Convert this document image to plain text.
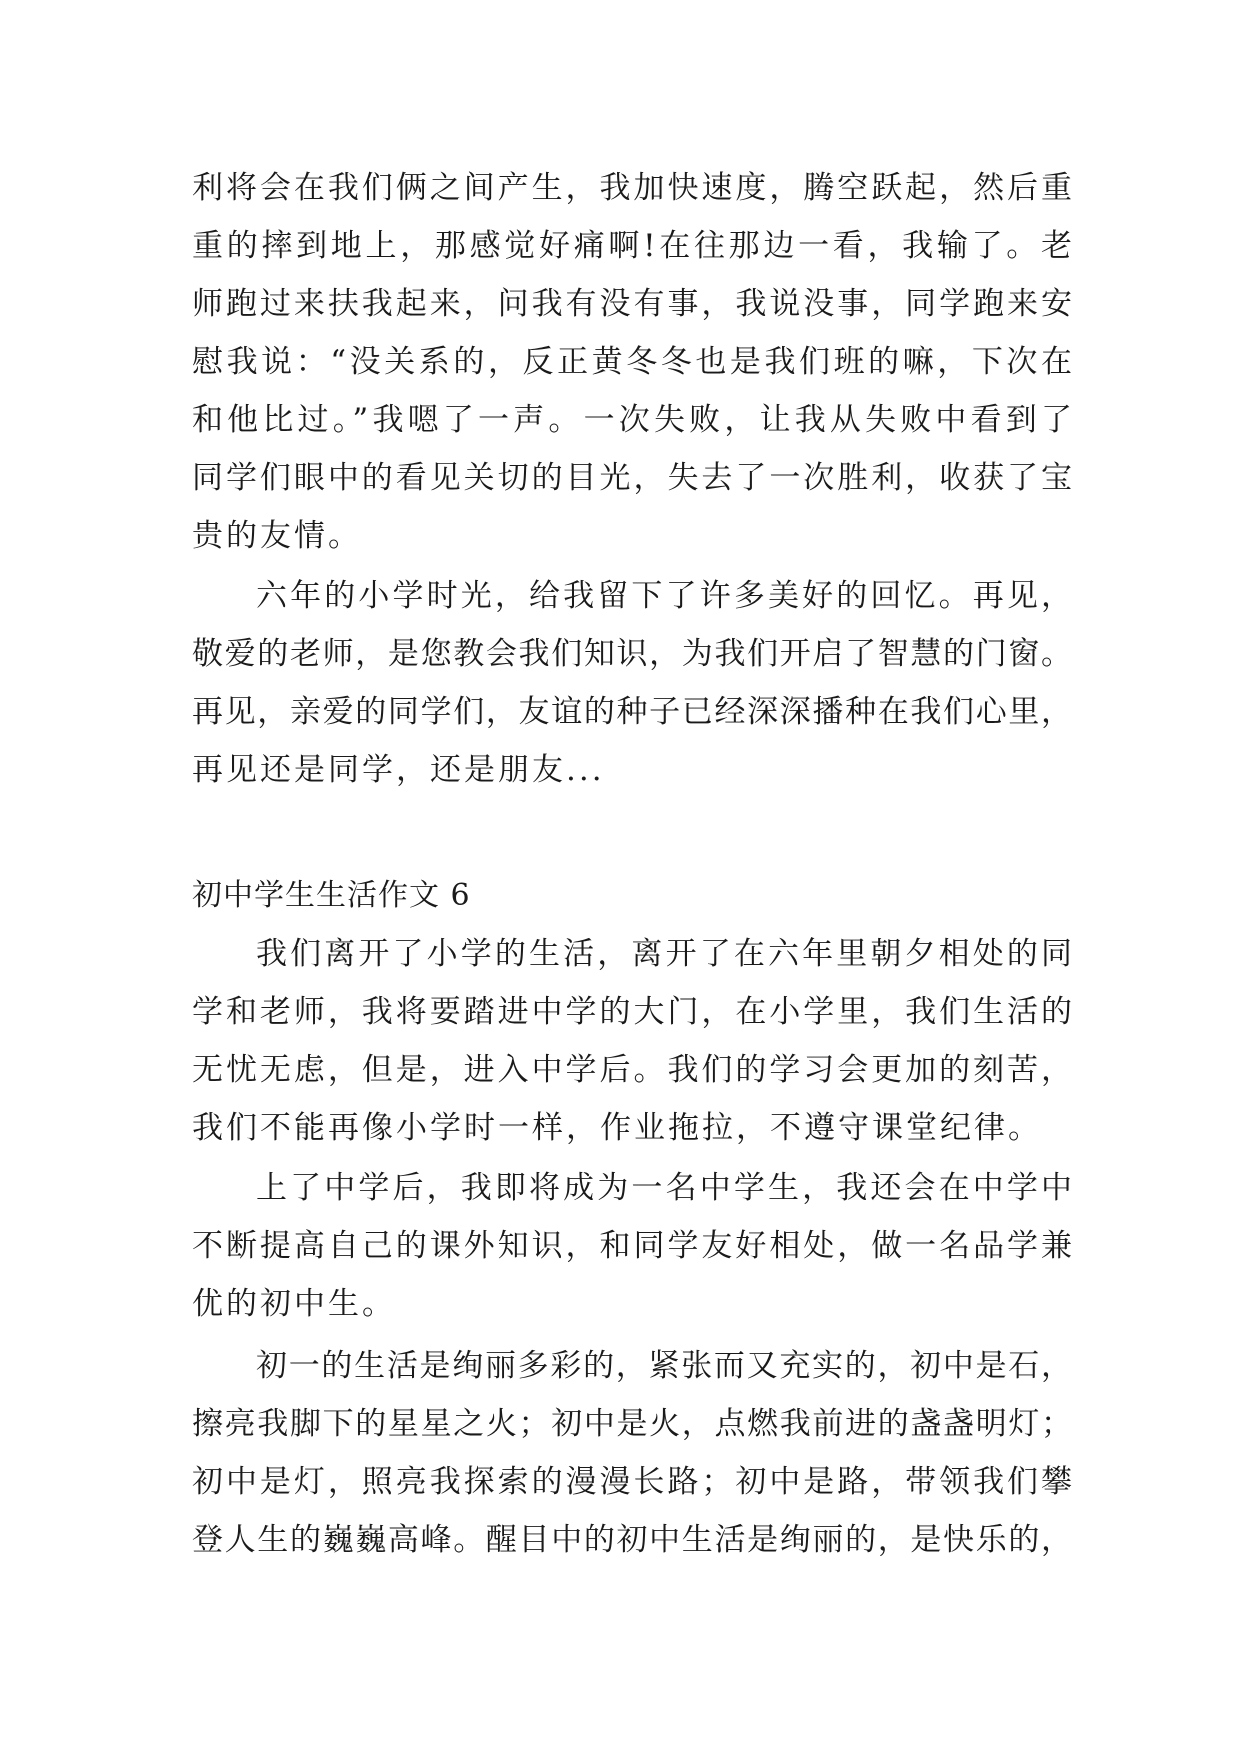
利将会在我们俩之间产生，我加快速度，腾空跃起，然后重
重的摔到地上，那感觉好痛啊!在往那边一看，我输了。老
师跑过来扶我起来，问我有没有事，我说没事，同学跑来安
慰我说：“没关系的，反正黄冬冬也是我们班的嘛，下次在
和他比过。”我嗯了一声。一次失败，让我从失败中看到了
同学们眼中的看见关切的目光，失去了一次胜利，收获了宝
贵的友情。
六年的小学时光，给我留下了许多美好的回忆。再见，
敬爱的老师，是您教会我们知识，为我们开启了智慧的门窗。
再见，亲爱的同学们，友谊的种子已经深深播种在我们心里，
再见还是同学，还是朋友...
初中学生生活作文 6
我们离开了小学的生活，离开了在六年里朝夕相处的同
学和老师，我将要踏进中学的大门，在小学里，我们生活的
无忧无虑，但是，进入中学后。我们的学习会更加的刻苦，
我们不能再像小学时一样，作业拖拉，不遵守课堂纪律。
上了中学后，我即将成为一名中学生，我还会在中学中
不断提高自己的课外知识，和同学友好相处，做一名品学兼
优的初中生。
初一的生活是绚丽多彩的，紧张而又充实的，初中是石，
擦亮我脚下的星星之火；初中是火，点燃我前进的盏盏明灯；
初中是灯，照亮我探索的漫漫长路；初中是路，带领我们攀
登人生的巍巍高峰。醒目中的初中生活是绚丽的，是快乐的，
